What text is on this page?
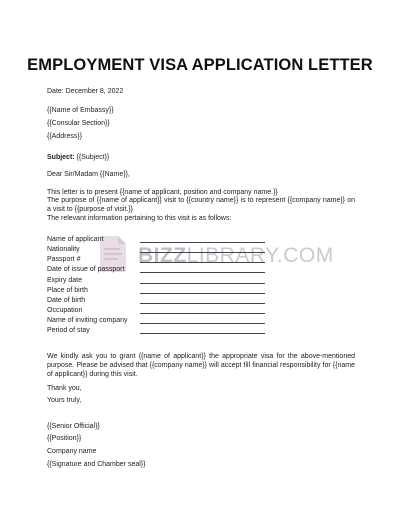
EMPLOYMENT VISA APPLICATION LETTER
Date: December 8, 2022
{{Name of Embassy}}
{{Consular Section}}
{{Address}}
Subject: {{Subject}}
Dear Sir/Madam {{Name}},
This letter is to present {{name of applicant, position and company name.}}
The purpose of {{name of applicant}} visit to {{country name}} is to represent {{company name}} on a visit to {{purpose of visit.}}
The relevant information pertaining to this visit is as follows:
BIZZLIBRARY.COM
Name of applicant
Nationality
Passport #
Date of issue of passport
Expiry date
Place of birth
Date of birth
Occupation
Name of inviting company
Period of stay
We kindly ask you to grant {{name of applicant}} the appropriate visa for the above-mentioned purpose. Please be advised that {{company name}} will accept fill financial responsibility for {{name of applicant}} during this visit.
Thank you,
Yours truly,
{{Senior Official}}
{{Position}}
Company name
{{Signature and Chamber seal}}
